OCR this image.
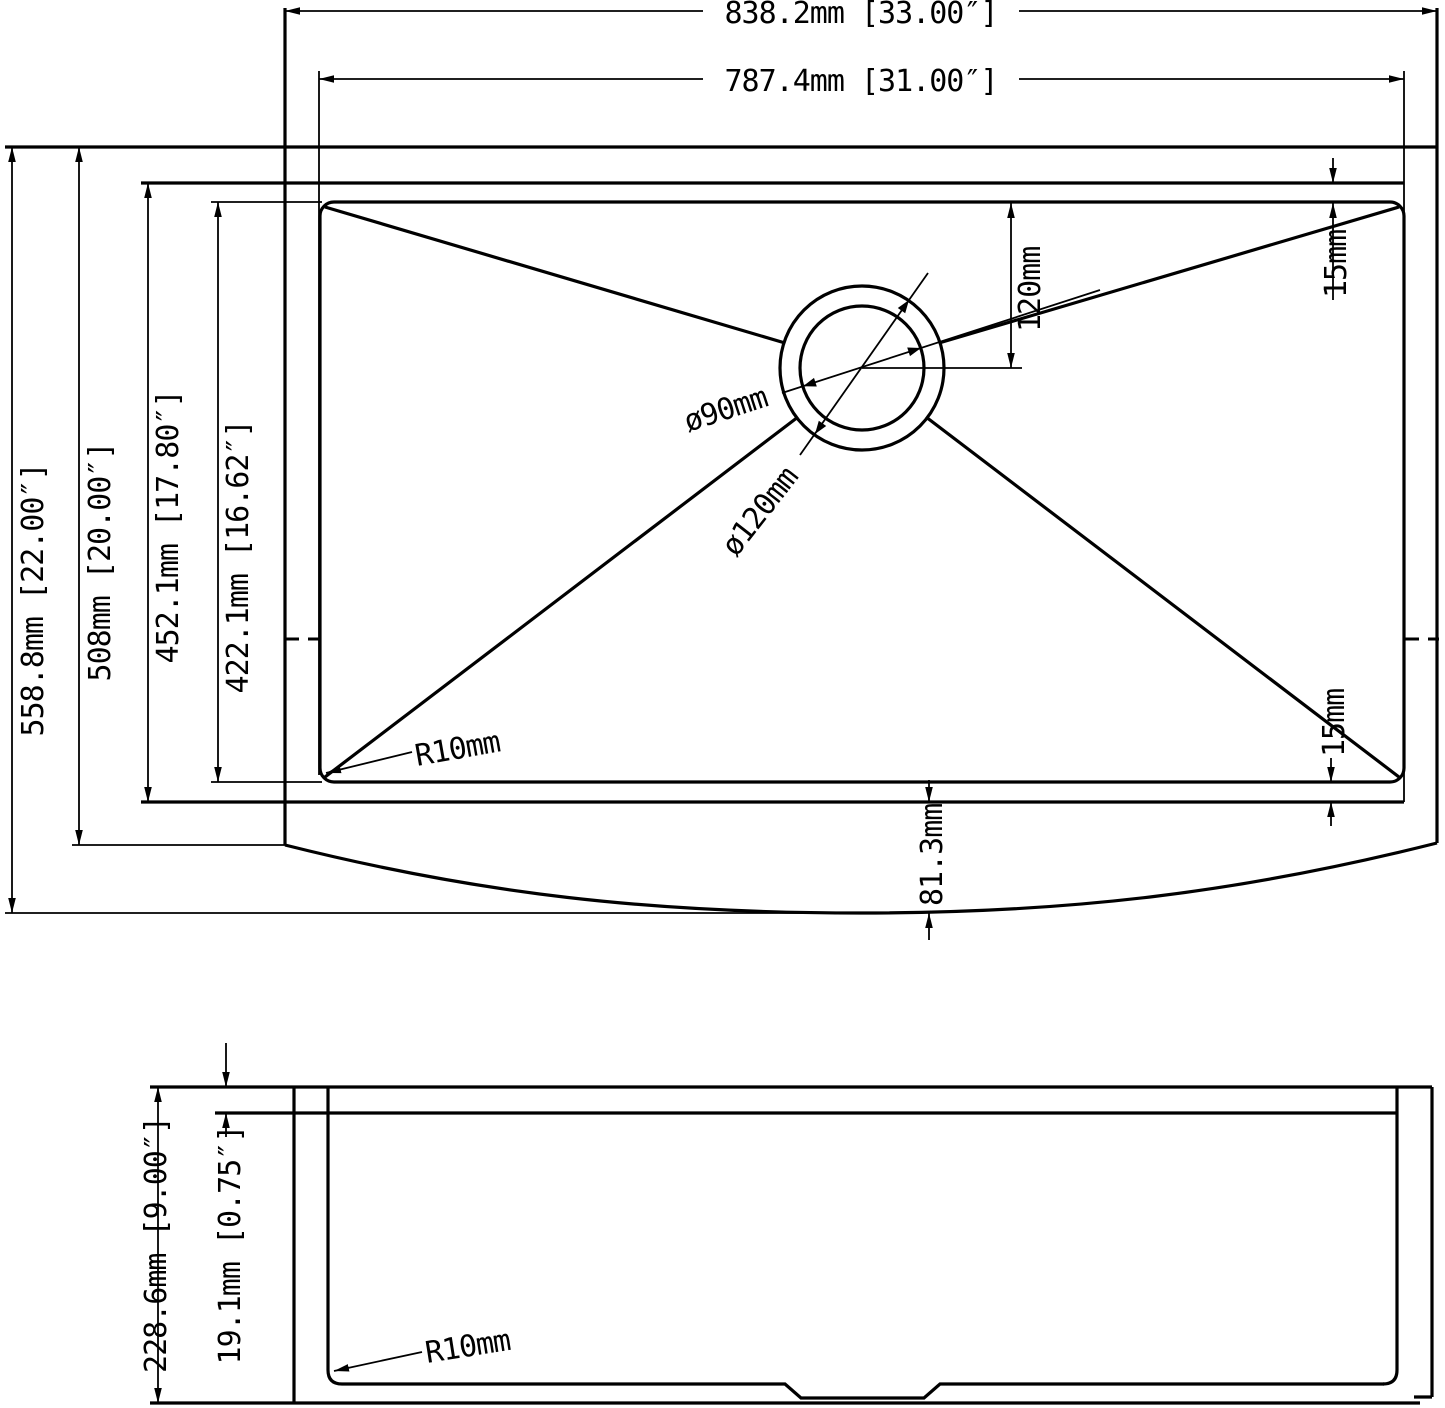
838.2mm [33.00″]
787.4mm [31.00″]
558.8mm [22.00″] 508mm [20.00″] 452.1mm [17.80″] 422.1mm [16.62″]
120mm	15mm
15mm
81.3mm
ø90mm
ø120mm
R10mm
228.6mm [9.00″] 19.1mm [0.75″]	R10mm
